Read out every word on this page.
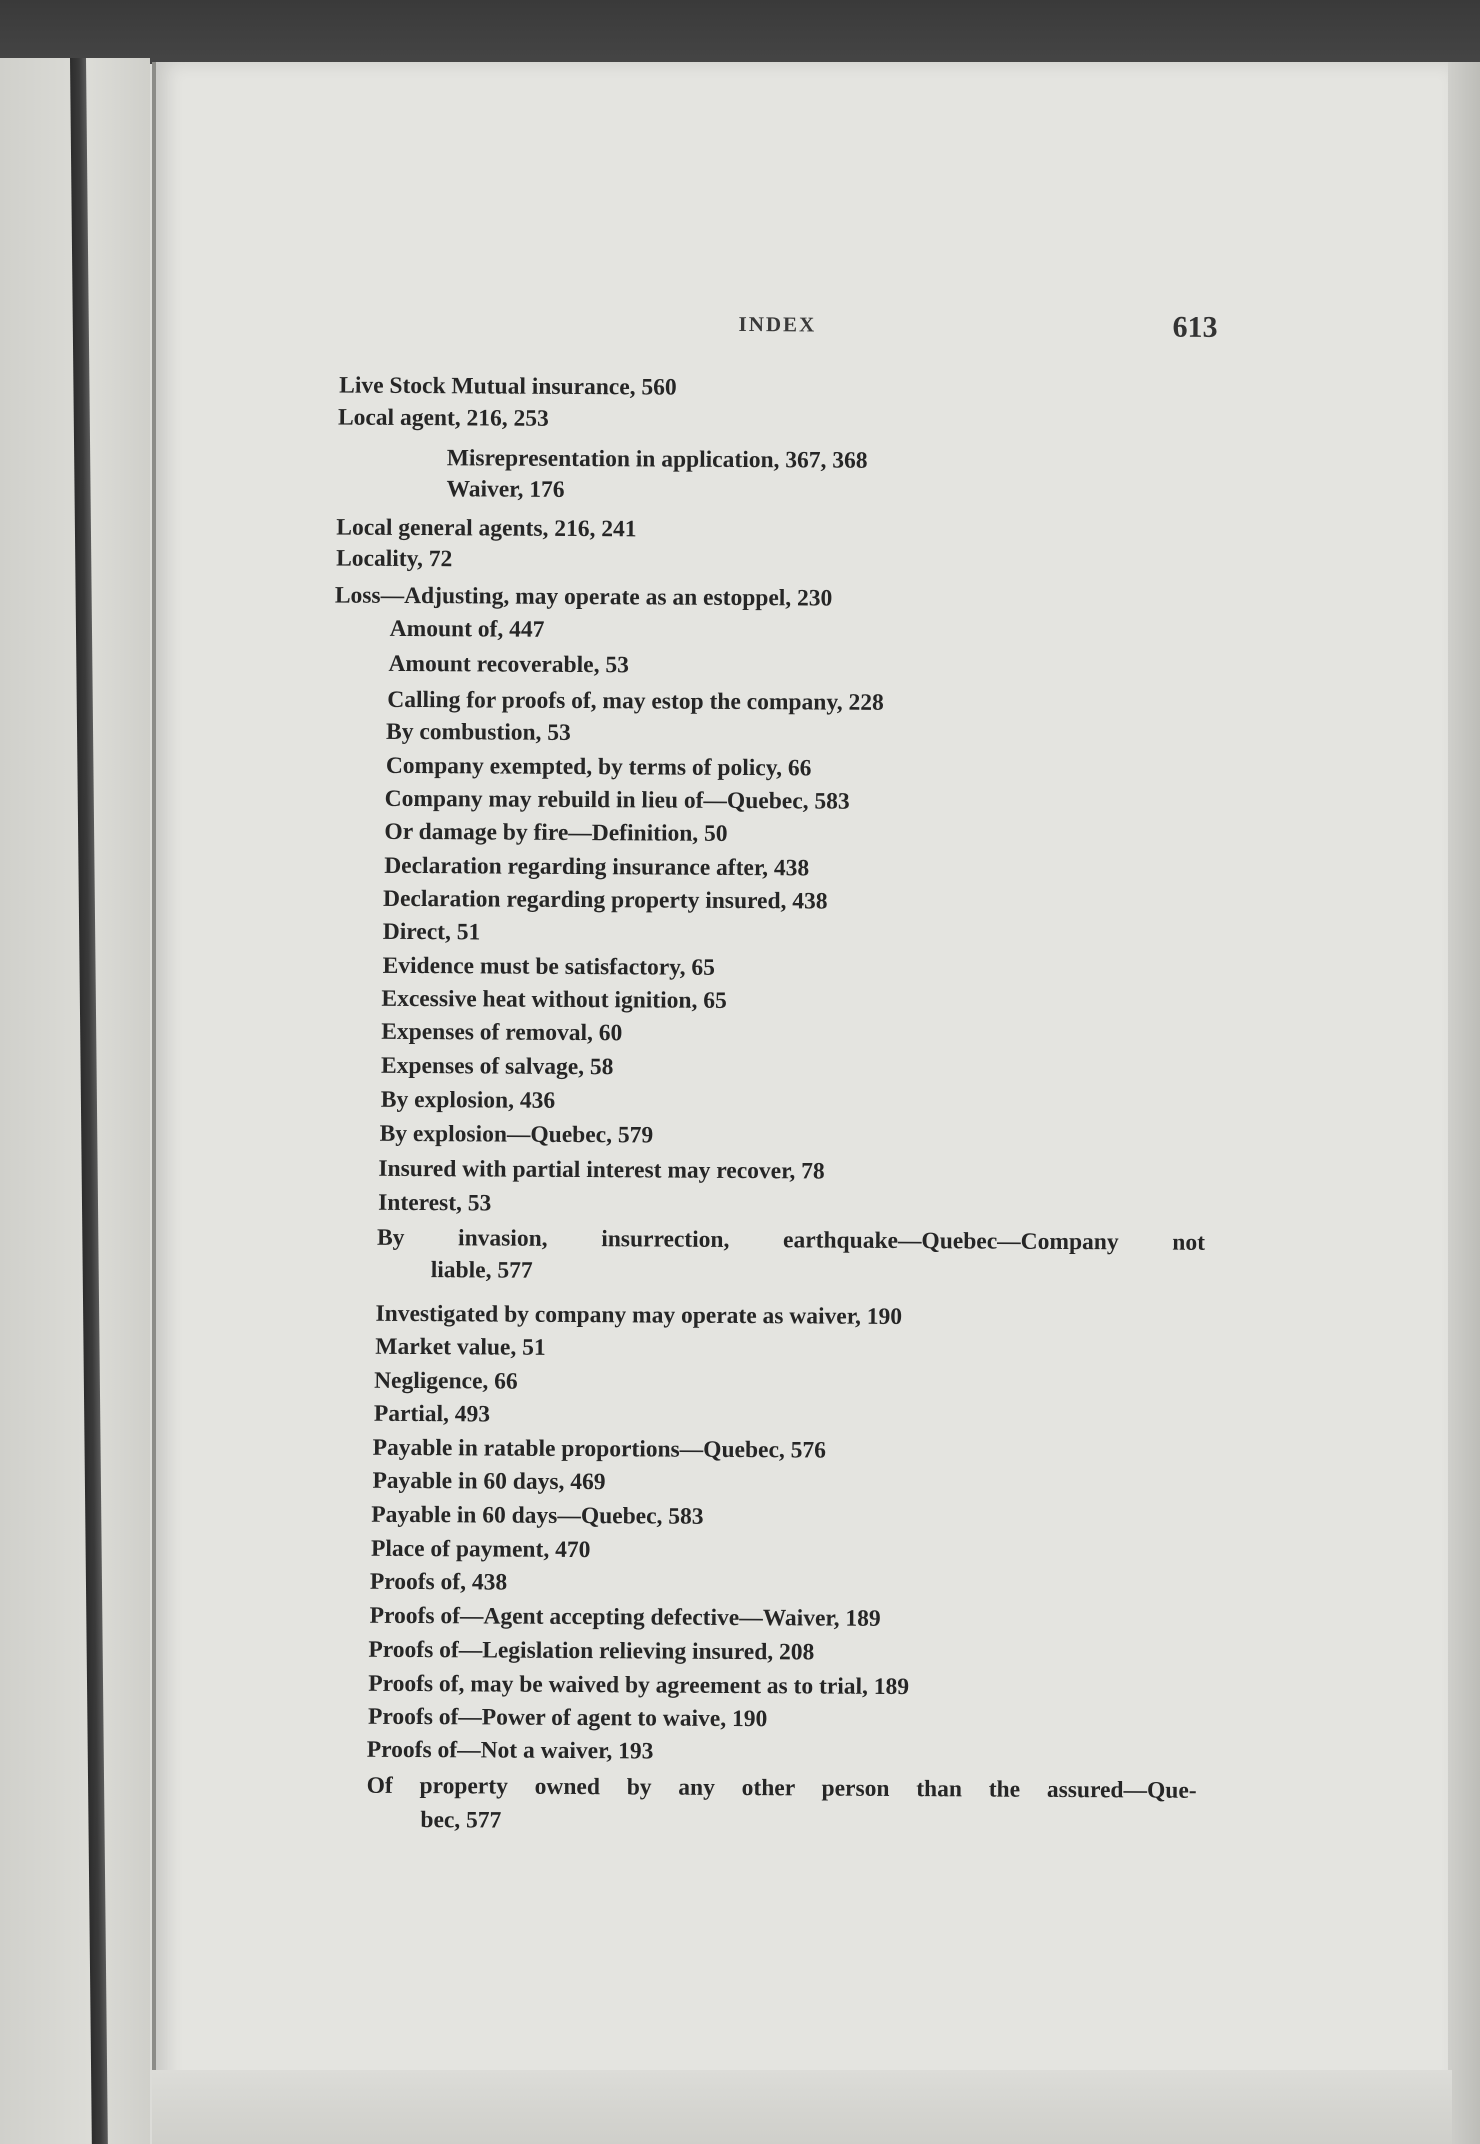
INDEX	613
Live Stock Mutual insurance, 560
Local agent, 216, 253
Misrepresentation in application, 367, 368
Waiver, 176
Local general agents, 216, 241
Locality, 72
Loss—Adjusting, may operate as an estoppel, 230
Amount of, 447
Amount recoverable, 53
Calling for proofs of, may estop the company, 228
By combustion, 53
Company exempted, by terms of policy, 66
Company may rebuild in lieu of—Quebec, 583
Or damage by fire—Definition, 50
Declaration regarding insurance after, 438
Declaration regarding property insured, 438
Direct, 51
Evidence must be satisfactory, 65
Excessive heat without ignition, 65
Expenses of removal, 60
Expenses of salvage, 58
By explosion, 436
By explosion—Quebec, 579
Insured with partial interest may recover, 78
Interest, 53
By invasion, insurrection, earthquake—Quebec—Company not
liable, 577
Investigated by company may operate as waiver, 190
Market value, 51
Negligence, 66
Partial, 493
Payable in ratable proportions—Quebec, 576
Payable in 60 days, 469
Payable in 60 days—Quebec, 583
Place of payment, 470
Proofs of, 438
Proofs of—Agent accepting defective—Waiver, 189
Proofs of—Legislation relieving insured, 208
Proofs of, may be waived by agreement as to trial, 189
Proofs of—Power of agent to waive, 190
Proofs of—Not a waiver, 193
Of property owned by any other person than the assured—Que-
bec, 577
